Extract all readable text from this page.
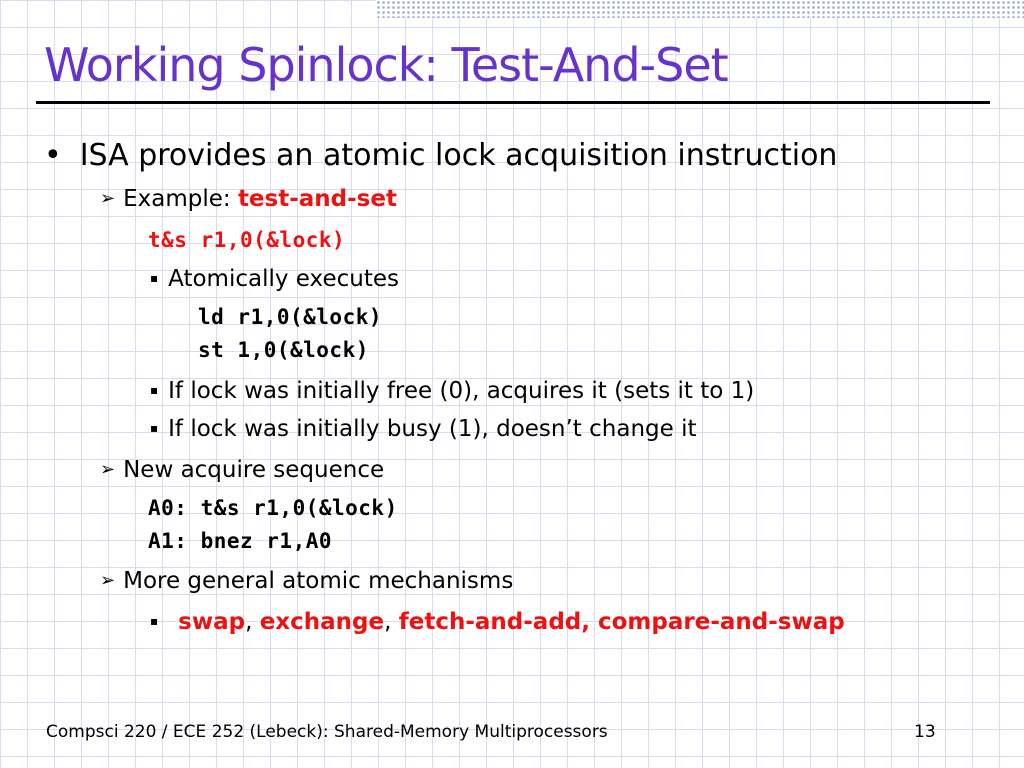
Working Spinlock: Test-And-Set
• ISA provides an atomic lock acquisition instruction
➢ Example: test-and-set
t&s r1,0(&lock)
▪ Atomically executes
ld r1,0(&lock)
st 1,0(&lock)
▪ If lock was initially free (0), acquires it (sets it to 1)
▪ If lock was initially busy (1), doesn’t change it
➢ New acquire sequence
A0: t&s r1,0(&lock)
A1: bnez r1,A0
➢ More general atomic mechanisms
▪ swap, exchange, fetch-and-add, compare-and-swap
Compsci 220 / ECE 252 (Lebeck): Shared-Memory Multiprocessors	13
